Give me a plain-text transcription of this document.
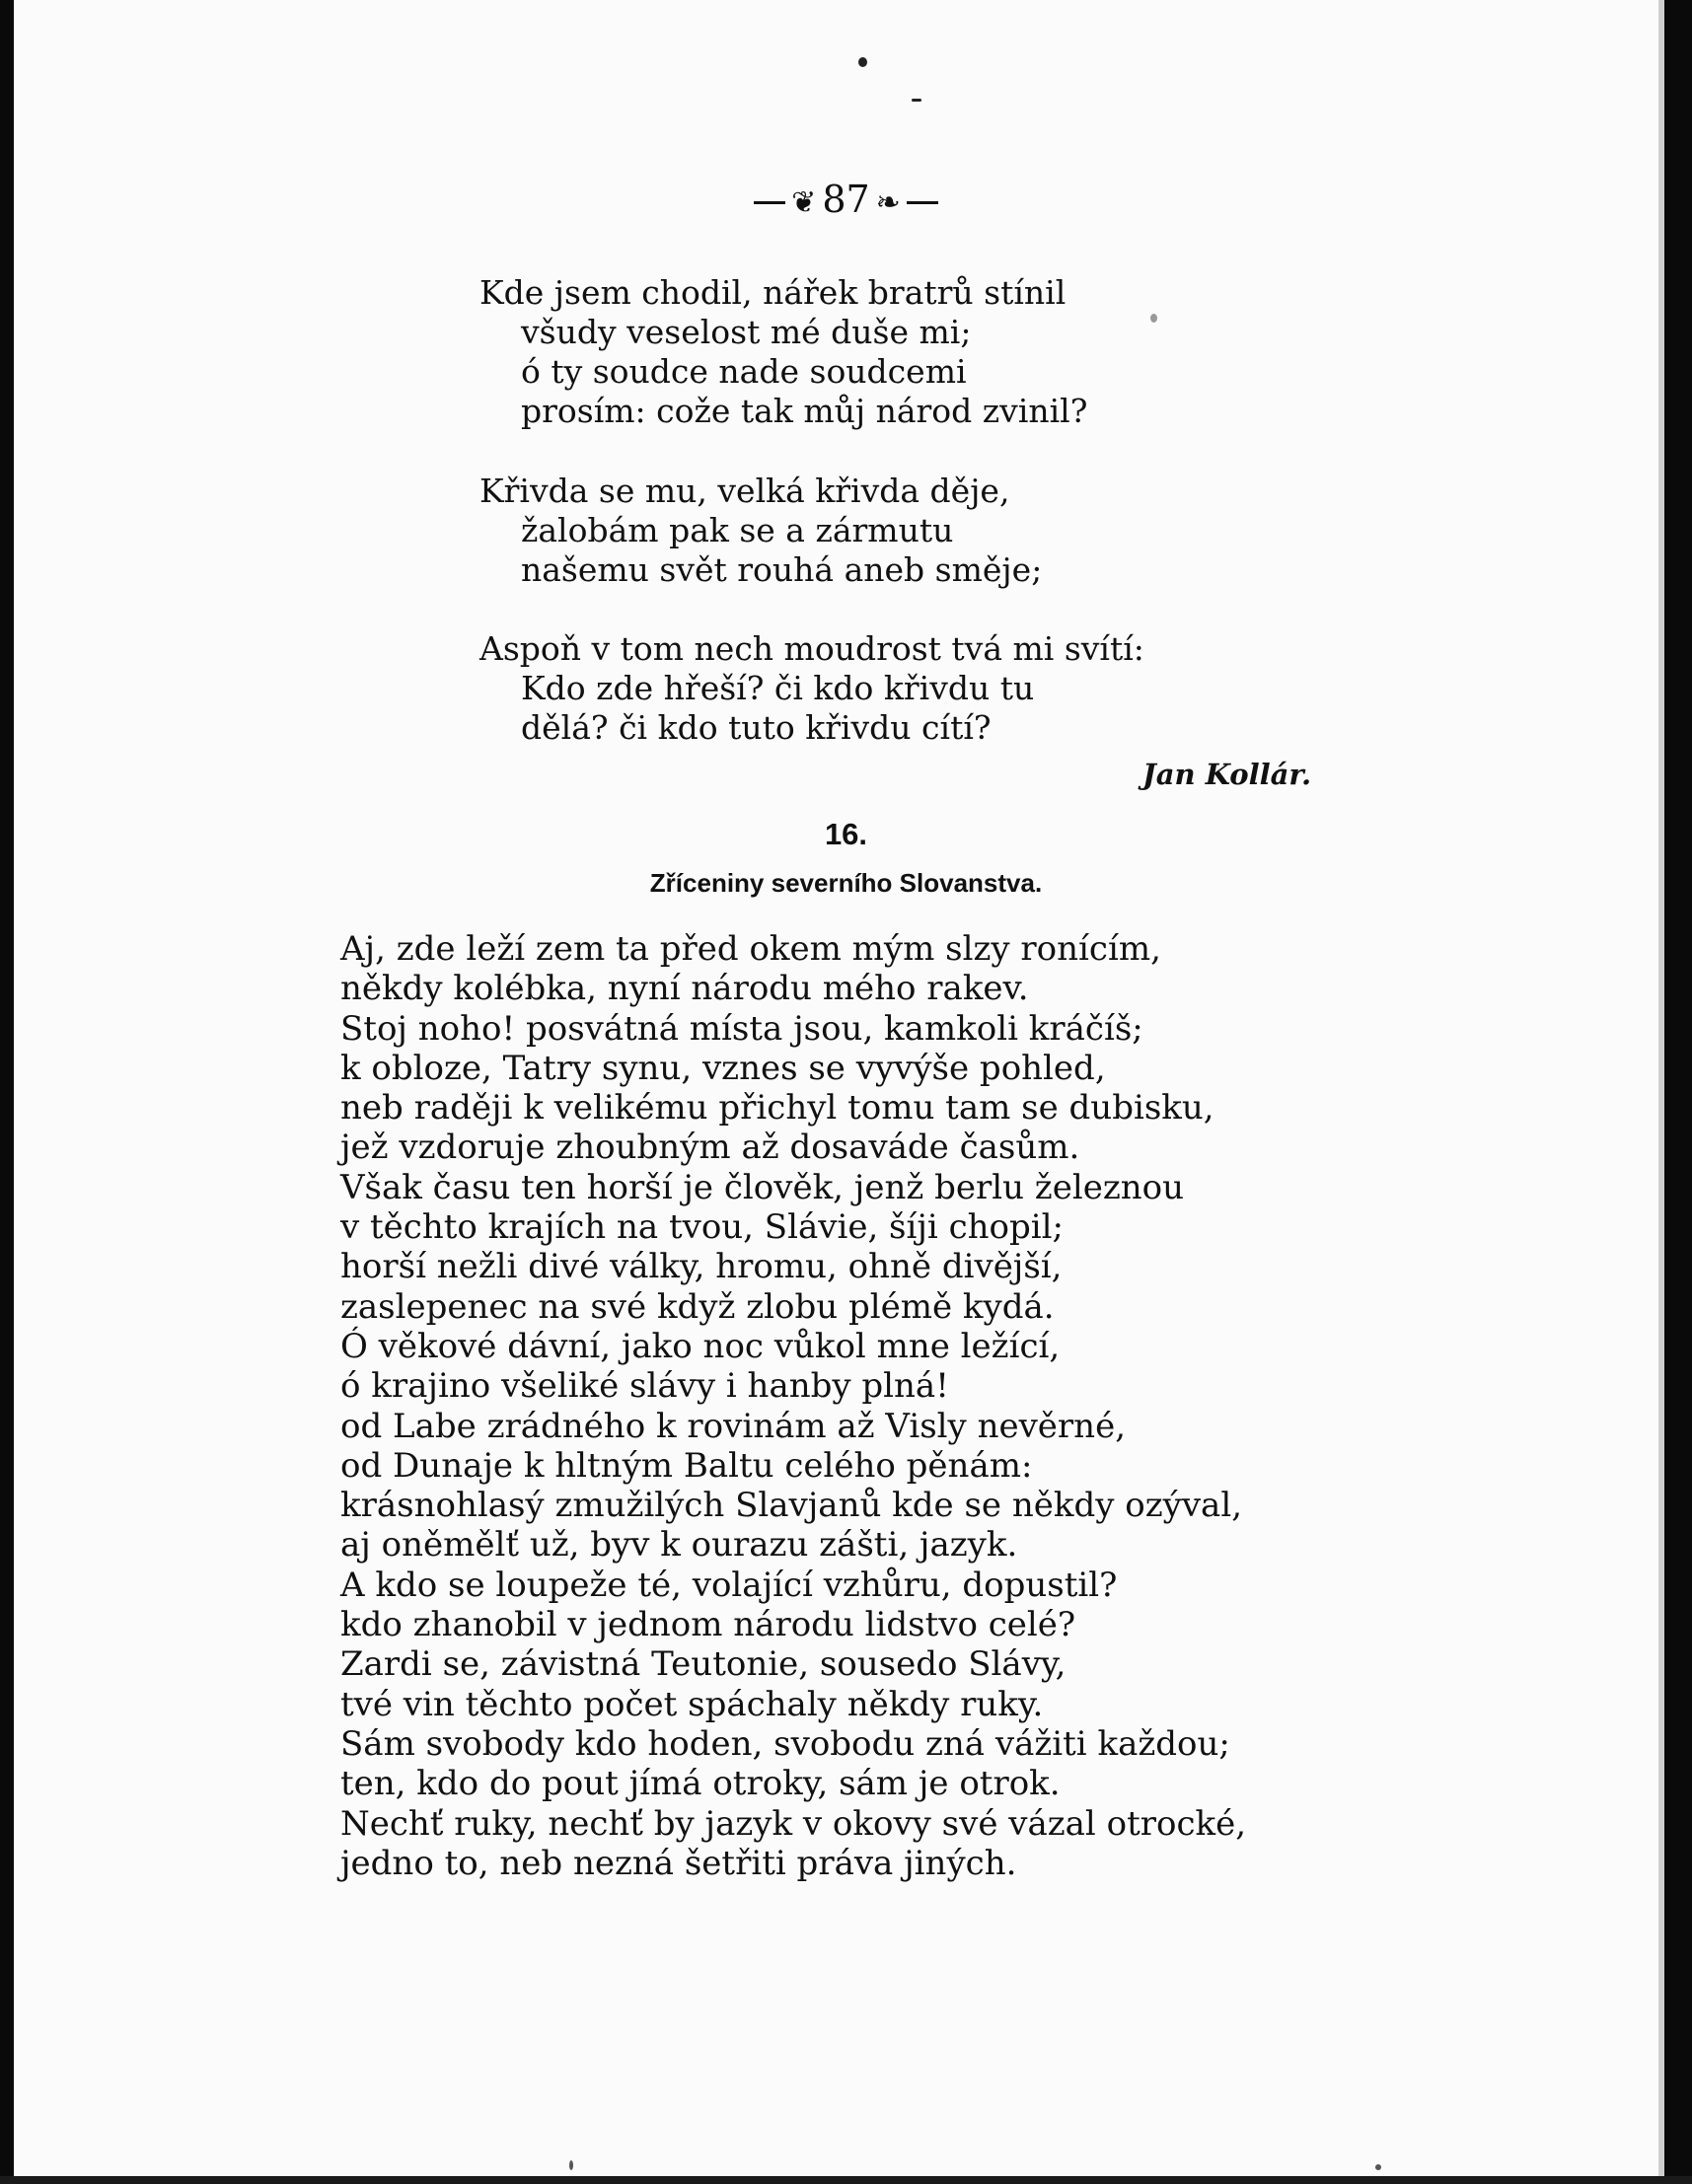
❦ 87 ❧
Kde jsem chodil, nářek bratrů stínil
všudy veselost mé duše mi;
ó ty soudce nade soudcemi
prosím: cože tak můj národ zvinil?
Křivda se mu, velká křivda děje,
žalobám pak se a zármutu
našemu svět rouhá aneb směje;
Aspoň v tom nech moudrost tvá mi svítí:
Kdo zde hřeší? či kdo křivdu tu
dělá? či kdo tuto křivdu cítí?
Jan Kollár.
16.
Zříceniny severního Slovanstva.
Aj, zde leží zem ta před okem mým slzy ronícím,
někdy kolébka, nyní národu mého rakev.
Stoj noho! posvátná místa jsou, kamkoli kráčíš;
k obloze, Tatry synu, vznes se vyvýše pohled,
neb raději k velikému přichyl tomu tam se dubisku,
jež vzdoruje zhoubným až dosaváde časům.
Však času ten horší je člověk, jenž berlu železnou
v těchto krajích na tvou, Slávie, šíji chopil;
horší nežli divé války, hromu, ohně divější,
zaslepenec na své když zlobu plémě kydá.
Ó věkové dávní, jako noc vůkol mne ležící,
ó krajino všeliké slávy i hanby plná!
od Labe zrádného k rovinám až Visly nevěrné,
od Dunaje k hltným Baltu celého pěnám:
krásnohlasý zmužilých Slavjanů kde se někdy ozýval,
aj oněmělť už, byv k ourazu zášti, jazyk.
A kdo se loupeže té, volající vzhůru, dopustil?
kdo zhanobil v jednom národu lidstvo celé?
Zardi se, závistná Teutonie, sousedo Slávy,
tvé vin těchto počet spáchaly někdy ruky.
Sám svobody kdo hoden, svobodu zná vážiti každou;
ten, kdo do pout jímá otroky, sám je otrok.
Nechť ruky, nechť by jazyk v okovy své vázal otrocké,
jedno to, neb nezná šetřiti práva jiných.
